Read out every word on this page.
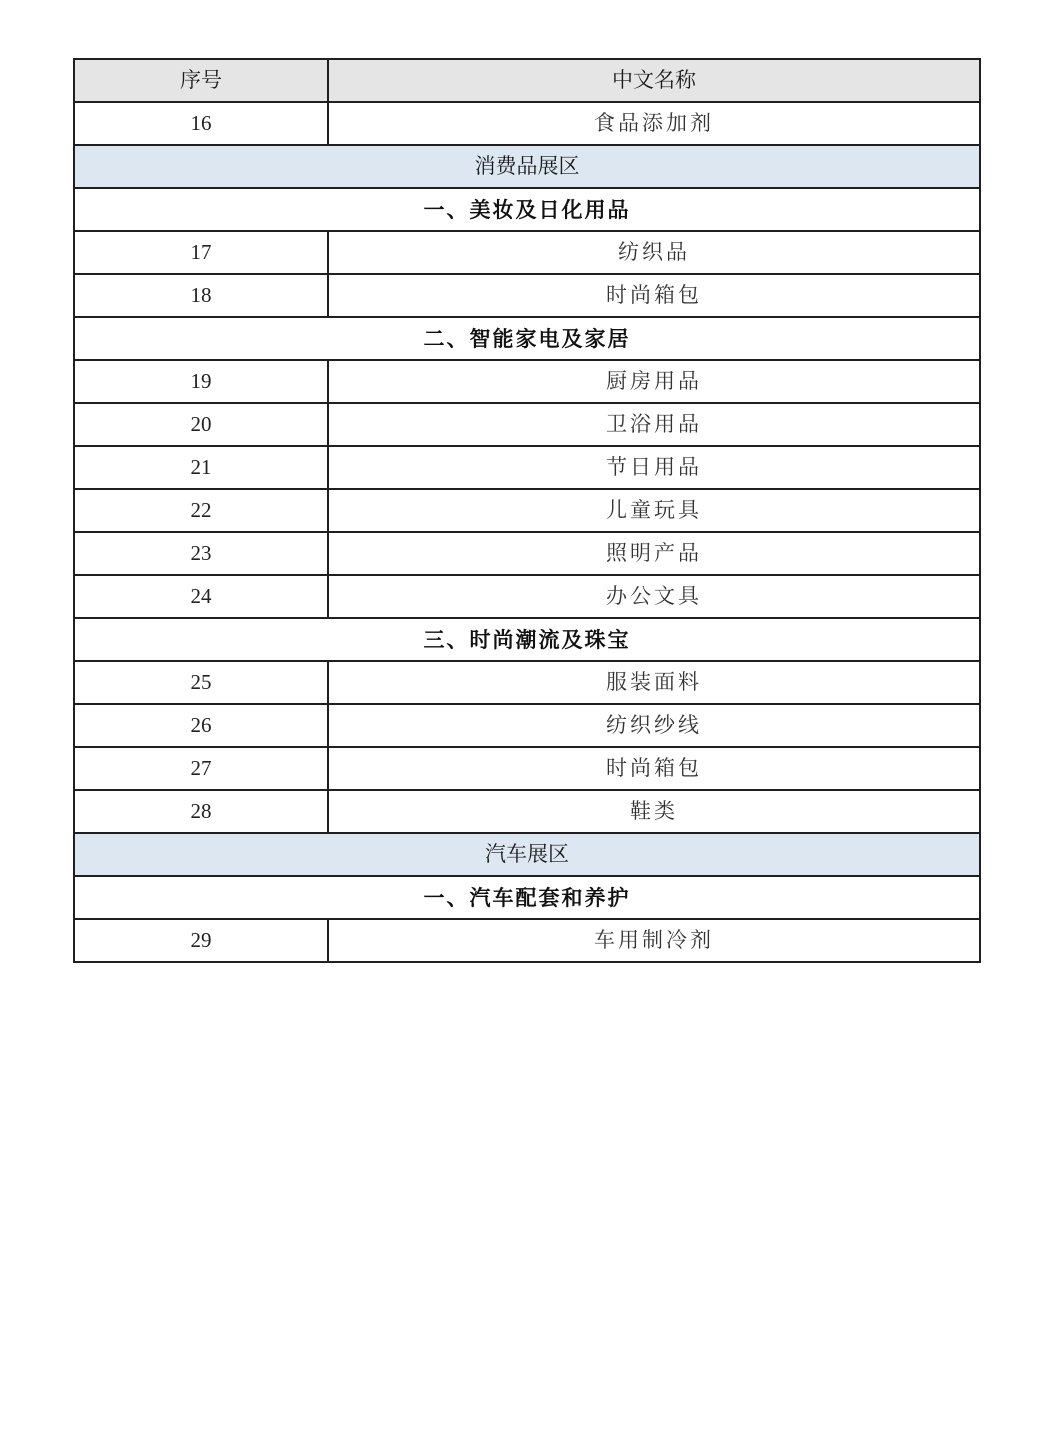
序号	中文名称
16	食品添加剂
消费品展区	
一、美妆及日化用品	
17	纺织品
18	时尚箱包
二、智能家电及家居	
19	厨房用品
20	卫浴用品
21	节日用品
22	儿童玩具
23	照明产品
24	办公文具
三、时尚潮流及珠宝	
25	服装面料
26	纺织纱线
27	时尚箱包
28	鞋类
汽车展区	
一、汽车配套和养护	
29	车用制冷剂
